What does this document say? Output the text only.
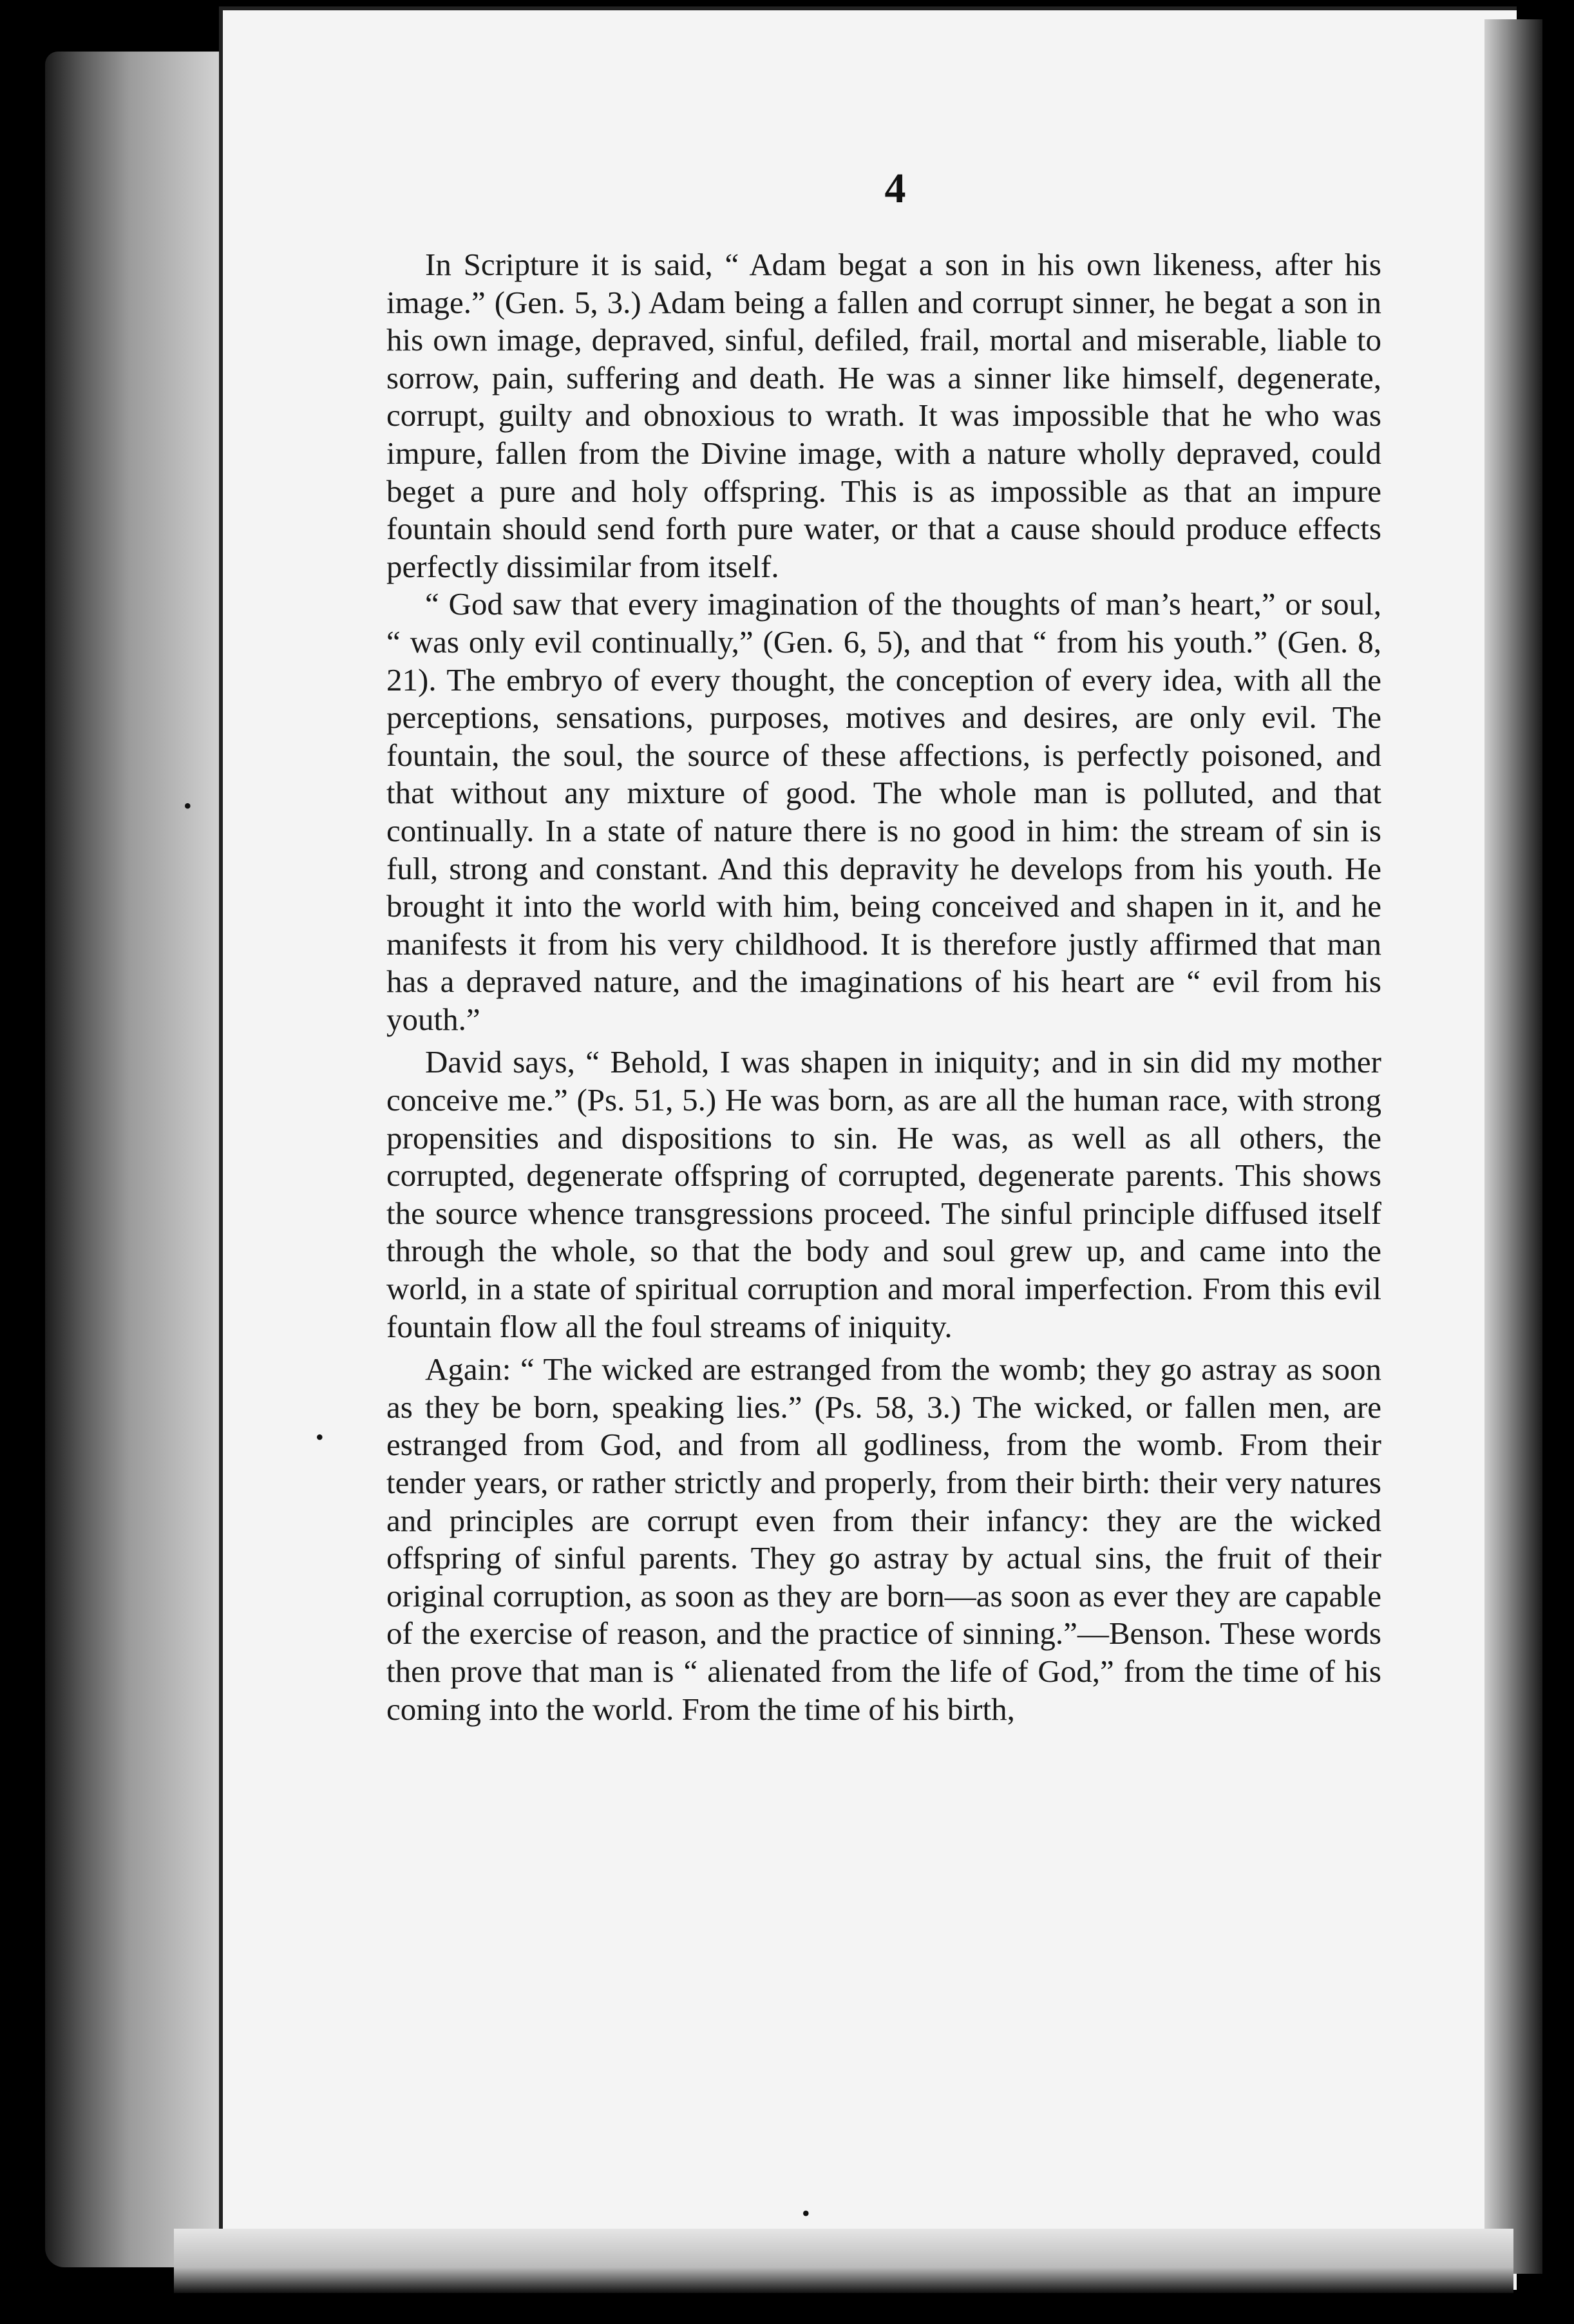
4

In Scripture it is said, “ Adam begat a son in his own likeness, after his image.” (Gen. 5, 3.) Adam being a fallen and corrupt sinner, he begat a son in his own image, depraved, sinful, defiled, frail, mortal and miserable, liable to sorrow, pain, suffering and death. He was a sinner like himself, degenerate, corrupt, guilty and obnoxious to wrath. It was impossible that he who was impure, fallen from the Divine image, with a nature wholly depraved, could beget a pure and holy offspring. This is as impossible as that an impure fountain should send forth pure water, or that a cause should produce effects perfectly dissimilar from itself.

“ God saw that every imagination of the thoughts of man’s heart,” or soul, “ was only evil continually,” (Gen. 6, 5), and that “ from his youth.” (Gen. 8, 21). The embryo of every thought, the conception of every idea, with all the perceptions, sensations, purposes, motives and desires, are only evil. The fountain, the soul, the source of these affections, is perfectly poisoned, and that without any mixture of good. The whole man is polluted, and that continually. In a state of nature there is no good in him: the stream of sin is full, strong and constant. And this depravity he develops from his youth. He brought it into the world with him, being conceived and shapen in it, and he manifests it from his very childhood. It is therefore justly affirmed that man has a depraved nature, and the imaginations of his heart are “ evil from his youth.”

David says, “ Behold, I was shapen in iniquity; and in sin did my mother conceive me.” (Ps. 51, 5.) He was born, as are all the human race, with strong propensities and dispositions to sin. He was, as well as all others, the corrupted, degenerate offspring of corrupted, degenerate parents. This shows the source whence transgressions proceed. The sinful principle diffused itself through the whole, so that the body and soul grew up, and came into the world, in a state of spiritual corruption and moral imperfection. From this evil fountain flow all the foul streams of iniquity.

Again: “ The wicked are estranged from the womb; they go astray as soon as they be born, speaking lies.” (Ps. 58, 3.) The wicked, or fallen men, are estranged from God, and from all godliness, from the womb. From their tender years, or rather strictly and properly, from their birth: their very natures and principles are corrupt even from their infancy: they are the wicked offspring of sinful parents. They go astray by actual sins, the fruit of their original corruption, as soon as they are born—as soon as ever they are capable of the exercise of reason, and the practice of sinning.”—Benson. These words then prove that man is “ alienated from the life of God,” from the time of his coming into the world. From the time of his birth,

•
•
•
